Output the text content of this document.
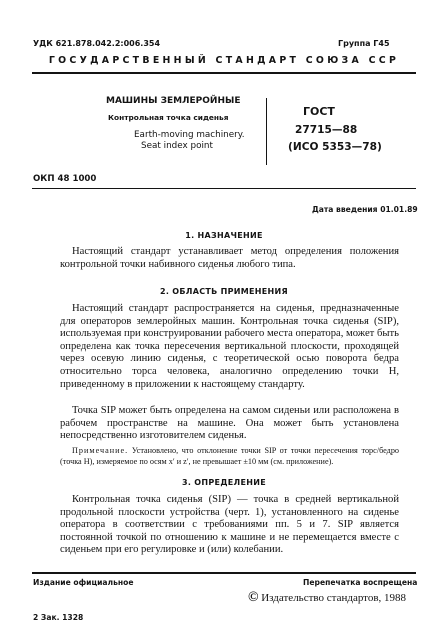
УДК 621.878.042.2:006.354	Группа Г45
ГОСУДАРСТВЕННЫЙ СТАНДАРТ СОЮЗА ССР
МАШИНЫ ЗЕМЛЕРОЙНЫЕ
Контрольная точка сиденья
Earth-moving machinery.
Seat index point
ГОСТ
27715—88
(ИСО 5353—78)
ОКП 48 1000
Дата введения 01.01.89
1. НАЗНАЧЕНИЕ
Настоящий стандарт устанавливает метод определения положения контрольной точки набивного сиденья любого типа.
2. ОБЛАСТЬ ПРИМЕНЕНИЯ
Настоящий стандарт распространяется на сиденья, предназначенные для операторов землеройных машин. Контрольная точка сиденья (SIP), используемая при конструировании рабочего места оператора, может быть определена как точка пересечения вертикальной плоскости, проходящей через осевую линию сиденья, с теоретической осью поворота бедра относительно торса человека, аналогично определению точки Н, приведенному в приложении к настоящему стандарту.
Точка SIP может быть определена на самом сиденьи или расположена в рабочем пространстве на машине. Она может быть установлена непосредственно изготовителем сиденья.
Примечание. Установлено, что отклонение точки SIP от точки пересечения торс/бедро (точка H), измеряемое по осям x′ и z′, не превышает ±10 мм (см. приложение).
3. ОПРЕДЕЛЕНИЕ
Контрольная точка сиденья (SIP) — точка в средней вертикальной продольной плоскости устройства (черт. 1), установленного на сиденье оператора в соответствии с требованиями пп. 5 и 7. SIP является постоянной точкой по отношению к машине и не перемещается вместе с сиденьем при его регулировке и (или) колебании.
Издание официальное	Перепечатка воспрещена
© Издательство стандартов, 1988
2 Зак. 1328
